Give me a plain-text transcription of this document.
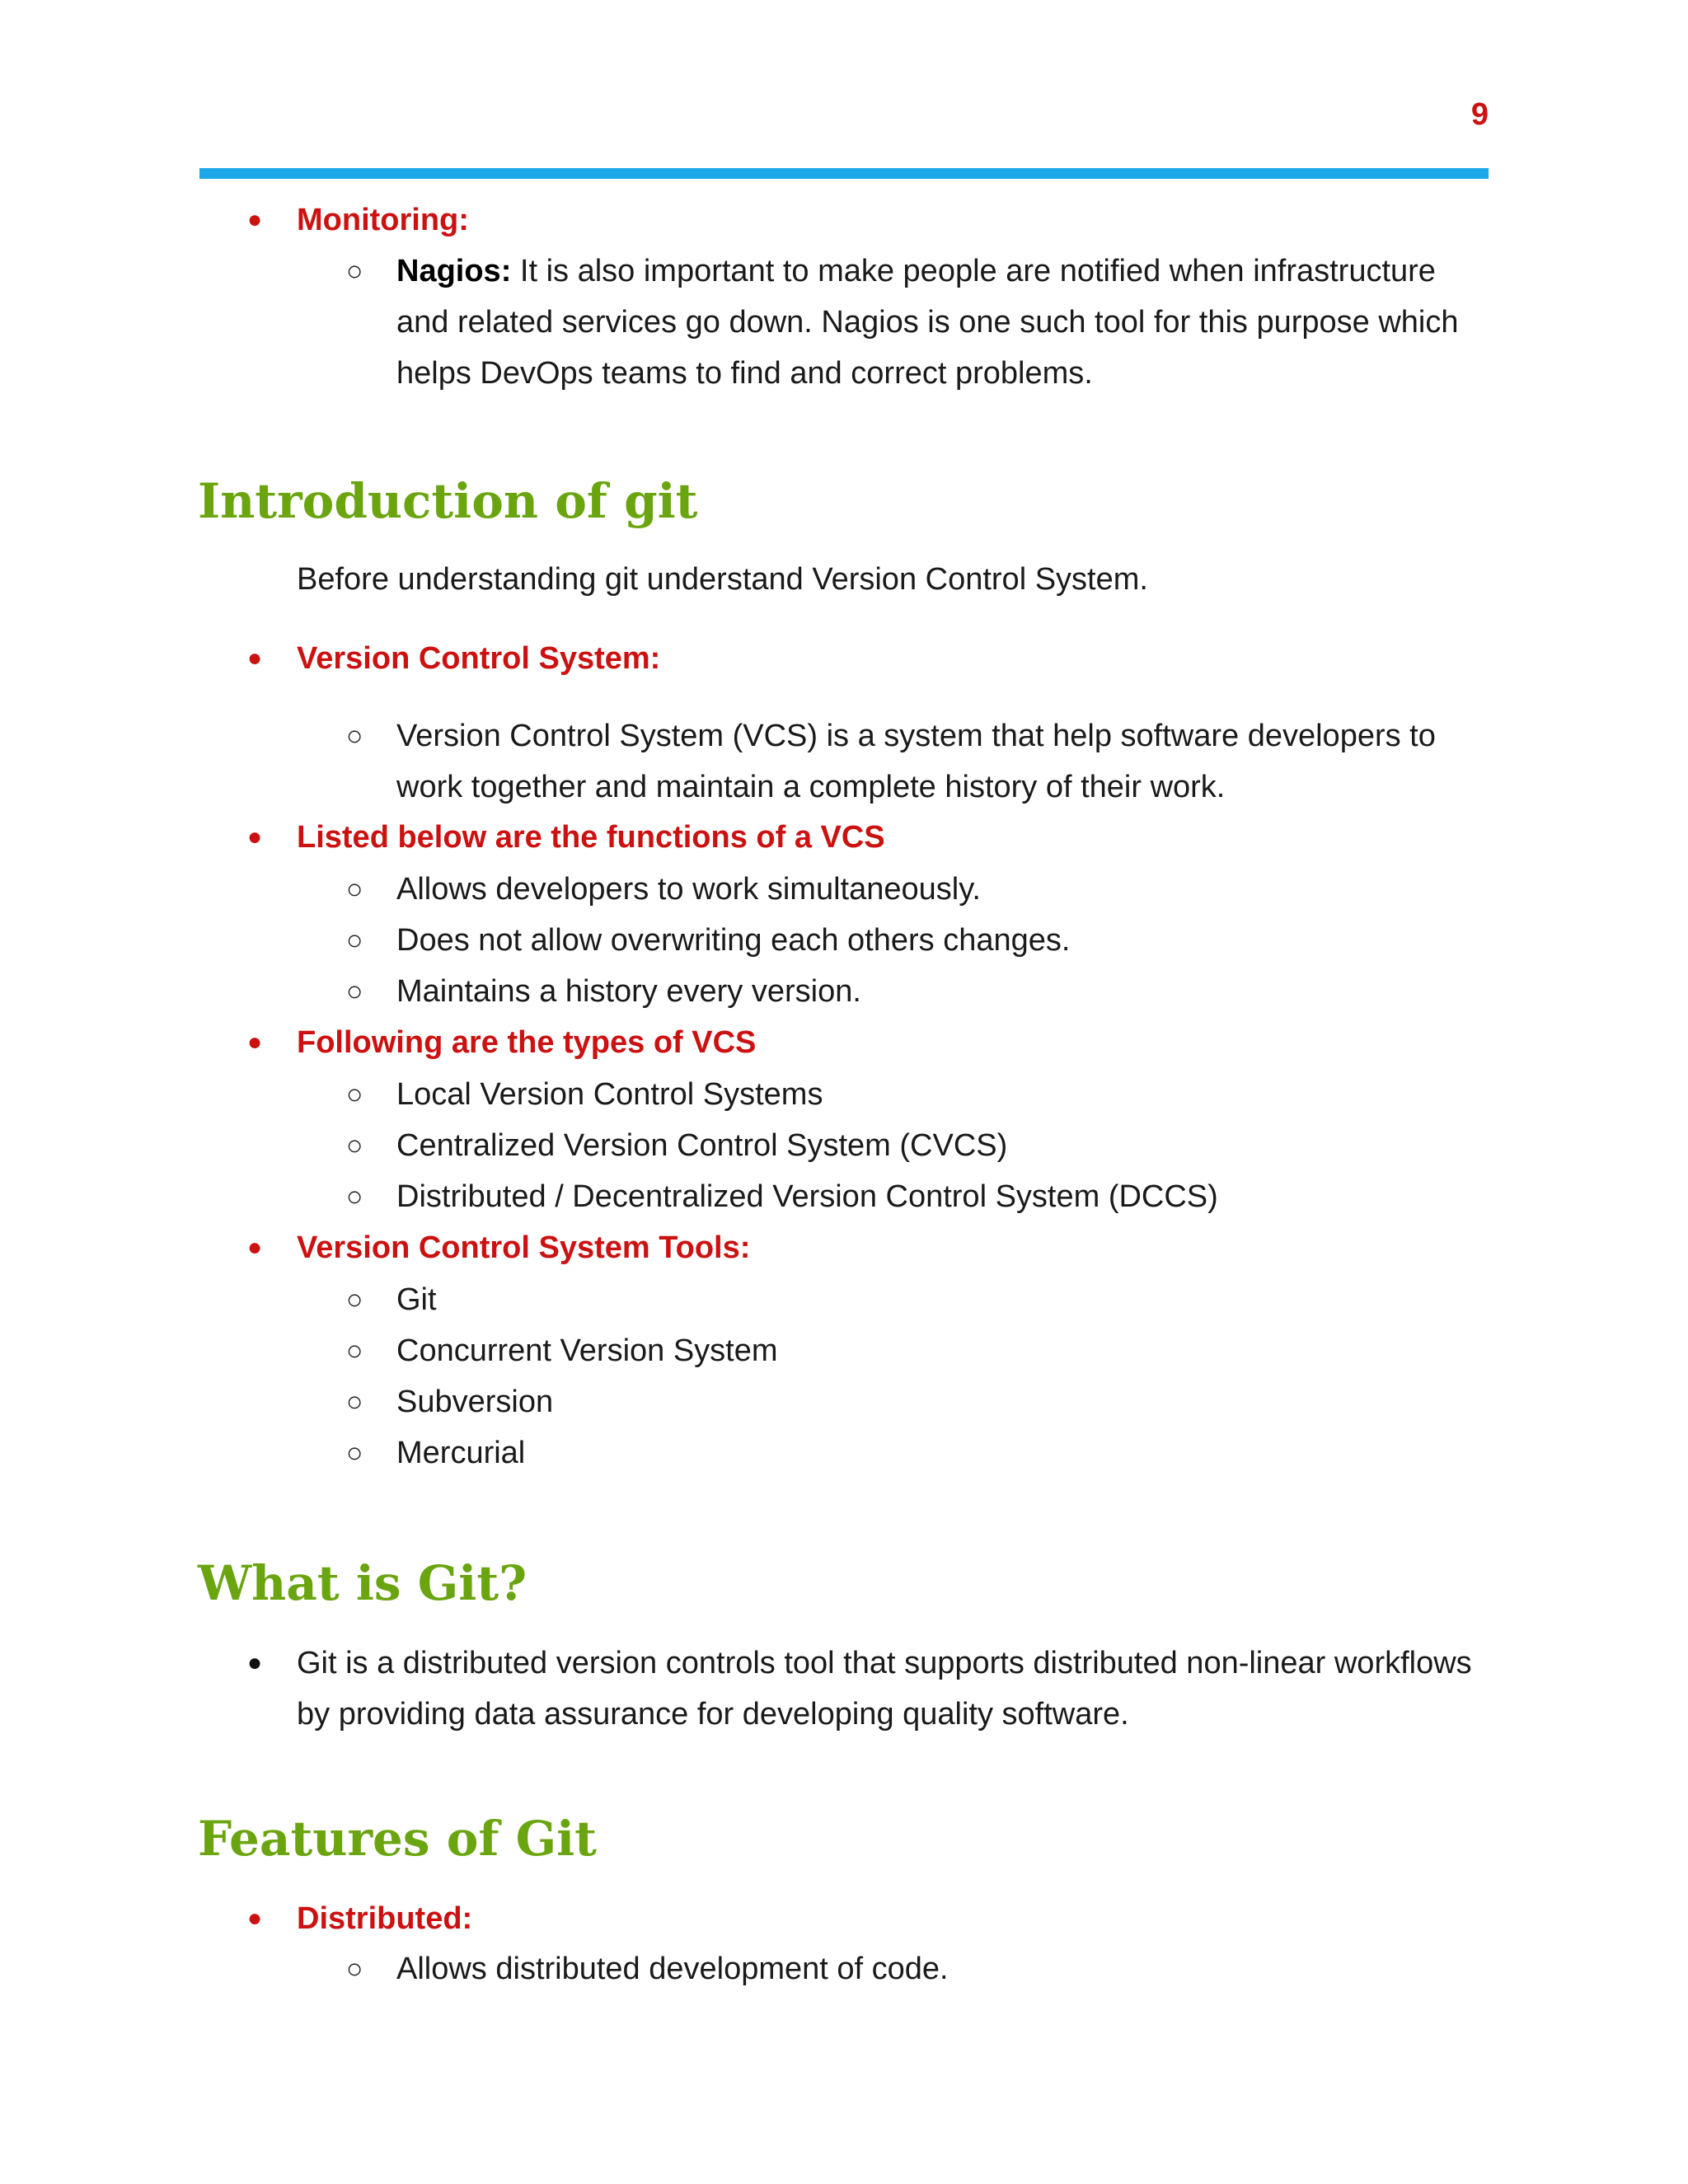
9
●	Monitoring:
○ Nagios: It is also important to make people are notified when infrastructure and related services go down. Nagios is one such tool for this purpose which helps DevOps teams to find and correct problems.
Introduction of git
Before understanding git understand Version Control System.
●	Version Control System:
○ Version Control System (VCS) is a system that help software developers to work together and maintain a complete history of their work.
●	Listed below are the functions of a VCS
○ Allows developers to work simultaneously.
○ Does not allow overwriting each others changes.
○ Maintains a history every version.
●	Following are the types of VCS
○ Local Version Control Systems
○ Centralized Version Control System (CVCS)
○ Distributed / Decentralized Version Control System (DCCS)
●	Version Control System Tools:
○ Git
○ Concurrent Version System
○ Subversion
○ Mercurial
What is Git?
●	Git is a distributed version controls tool that supports distributed non-linear workflows by providing data assurance for developing quality software.
Features of Git
●	Distributed:
○ Allows distributed development of code.
